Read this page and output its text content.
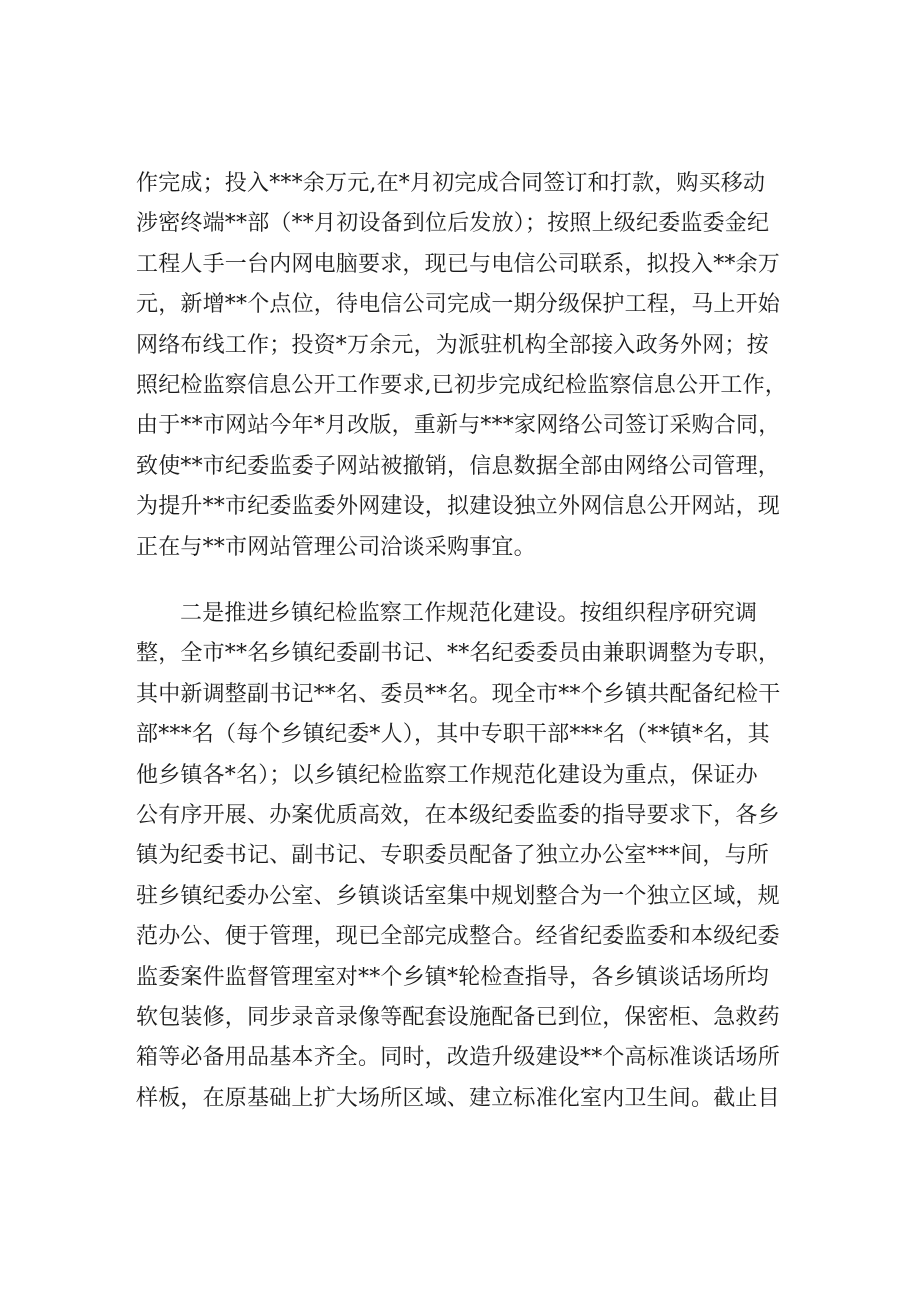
作完成；投入***余万元,在*月初完成合同签订和打款，购买移动
涉密终端**部（**月初设备到位后发放）；按照上级纪委监委金纪
工程人手一台内网电脑要求，现已与电信公司联系，拟投入**余万
元，新增**个点位，待电信公司完成一期分级保护工程，马上开始
网络布线工作；投资*万余元，为派驻机构全部接入政务外网；按
照纪检监察信息公开工作要求,已初步完成纪检监察信息公开工作，
由于**市网站今年*月改版，重新与***家网络公司签订采购合同，
致使**市纪委监委子网站被撤销，信息数据全部由网络公司管理，
为提升**市纪委监委外网建设，拟建设独立外网信息公开网站，现
正在与**市网站管理公司洽谈采购事宜。
二是推进乡镇纪检监察工作规范化建设。按组织程序研究调
整，全市**名乡镇纪委副书记、**名纪委委员由兼职调整为专职，
其中新调整副书记**名、委员**名。现全市**个乡镇共配备纪检干
部***名（每个乡镇纪委*人），其中专职干部***名（**镇*名，其
他乡镇各*名）；以乡镇纪检监察工作规范化建设为重点，保证办
公有序开展、办案优质高效，在本级纪委监委的指导要求下，各乡
镇为纪委书记、副书记、专职委员配备了独立办公室***间，与所
驻乡镇纪委办公室、乡镇谈话室集中规划整合为一个独立区域，规
范办公、便于管理，现已全部完成整合。经省纪委监委和本级纪委
监委案件监督管理室对**个乡镇*轮检查指导，各乡镇谈话场所均
软包装修，同步录音录像等配套设施配备已到位，保密柜、急救药
箱等必备用品基本齐全。同时，改造升级建设**个高标准谈话场所
样板，在原基础上扩大场所区域、建立标准化室内卫生间。截止目
